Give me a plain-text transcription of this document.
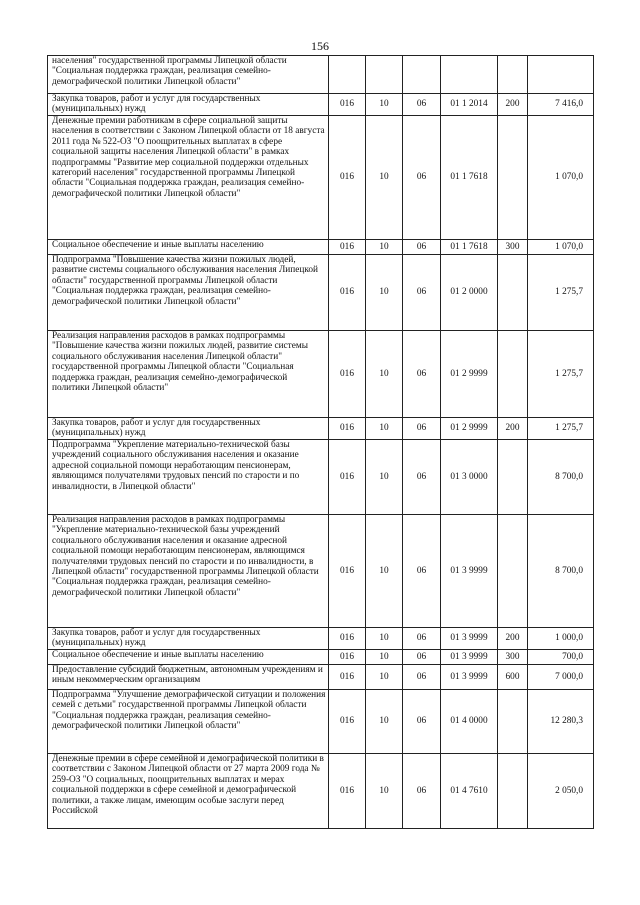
156
населения" государственной программы Липецкой области "Социальная поддержка граждан, реализация семейно-демографической политики Липецкой области"						
Закупка товаров, работ и услуг для государственных (муниципальных) нужд	016	10	06	01 1 2014	200	7 416,0
Денежные премии работникам в сфере социальной защиты населения в соответствии с Законом Липецкой области от 18 августа 2011 года № 522-ОЗ "О поощрительных выплатах в сфере социальной защиты населения Липецкой области" в рамках подпрограммы "Развитие мер социальной поддержки отдельных категорий населения" государственной программы Липецкой области "Социальная поддержка граждан, реализация семейно-демографической политики Липецкой области"	016	10	06	01 1 7618		1 070,0
Социальное обеспечение и иные выплаты населению	016	10	06	01 1 7618	300	1 070,0
Подпрограмма "Повышение качества жизни пожилых людей, развитие системы социального обслуживания населения Липецкой области" государственной программы Липецкой области "Социальная поддержка граждан, реализация семейно-демографической политики Липецкой области"	016	10	06	01 2 0000		1 275,7
Реализация направления расходов в рамках подпрограммы "Повышение качества жизни пожилых людей, развитие системы социального обслуживания населения Липецкой области" государственной программы Липецкой области "Социальная поддержка граждан, реализация семейно-демографической политики Липецкой области"	016	10	06	01 2 9999		1 275,7
Закупка товаров, работ и услуг для государственных (муниципальных) нужд	016	10	06	01 2 9999	200	1 275,7
Подпрограмма "Укрепление материально-технической базы учреждений социального обслуживания населения и оказание адресной социальной помощи неработающим пенсионерам, являющимся получателями трудовых пенсий по старости и по инвалидности, в Липецкой области"	016	10	06	01 3 0000		8 700,0
Реализация направления расходов в рамках подпрограммы "Укрепление материально-технической базы учреждений социального обслуживания населения и оказание адресной социальной помощи неработающим пенсионерам, являющимся получателями трудовых пенсий по старости и по инвалидности, в Липецкой области" государственной программы Липецкой области "Социальная поддержка граждан, реализация семейно-демографической политики Липецкой области"	016	10	06	01 3 9999		8 700,0
Закупка товаров, работ и услуг для государственных (муниципальных) нужд	016	10	06	01 3 9999	200	1 000,0
Социальное обеспечение и иные выплаты населению	016	10	06	01 3 9999	300	700,0
Предоставление субсидий бюджетным, автономным учреждениям и иным некоммерческим организациям	016	10	06	01 3 9999	600	7 000,0
Подпрограмма "Улучшение демографической ситуации и положения семей с детьми" государственной программы Липецкой области "Социальная поддержка граждан, реализация семейно-демографической политики Липецкой области"	016	10	06	01 4 0000		12 280,3
Денежные премии в сфере семейной и демографической политики в соответствии с Законом Липецкой области от 27 марта 2009 года № 259-ОЗ "О социальных, поощрительных выплатах и мерах социальной поддержки в сфере семейной и демографической политики, а также лицам, имеющим особые заслуги перед Российской	016	10	06	01 4 7610		2 050,0
